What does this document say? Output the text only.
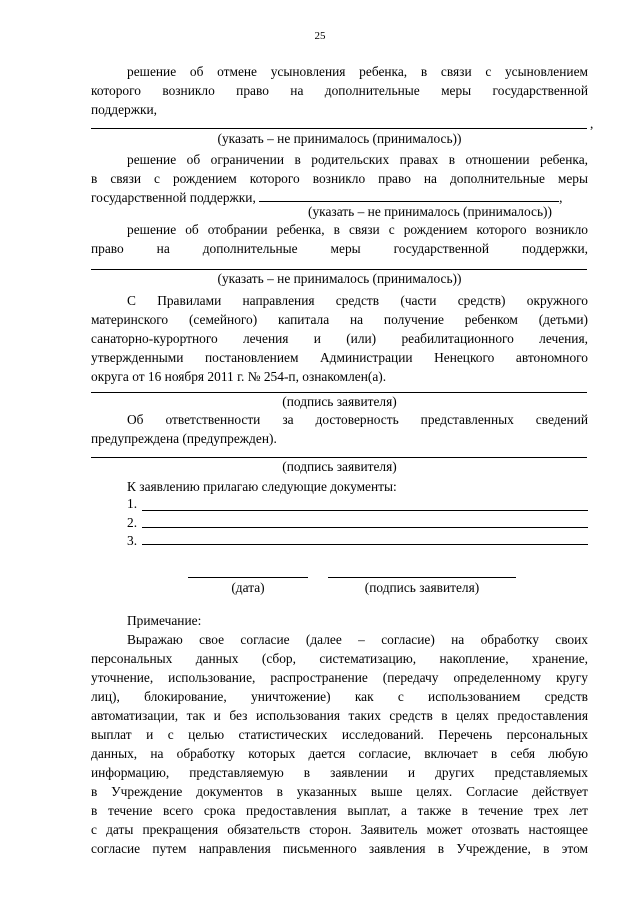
25
решение об отмене усыновления ребенка, в связи с усыновлением
которого возникло право на дополнительные меры государственной
поддержки,
,
(указать – не принималось (принималось))
решение об ограничении в родительских правах в отношении ребенка,
в связи с рождением которого возникло право на дополнительные меры
государственной поддержки,	,
(указать – не принималось (принималось))
решение об отобрании ребенка, в связи с рождением которого возникло
право на дополнительные меры государственной поддержки,
(указать – не принималось (принималось))
С Правилами направления средств (части средств) окружного
материнского (семейного) капитала на получение ребенком (детьми)
санаторно-курортного лечения и (или) реабилитационного лечения,
утвержденными постановлением Администрации Ненецкого автономного
округа от 16 ноября 2011 г. № 254-п, ознакомлен(а).
(подпись заявителя)
Об ответственности за достоверность представленных сведений
предупреждена (предупрежден).
(подпись заявителя)
К заявлению прилагаю следующие документы:
1.
2.
3.
(дата)	(подпись заявителя)
Примечание:
Выражаю свое согласие (далее – согласие) на обработку своих
персональных данных (сбор, систематизацию, накопление, хранение,
уточнение, использование, распространение (передачу определенному кругу
лиц), блокирование, уничтожение) как с использованием средств
автоматизации, так и без использования таких средств в целях предоставления
выплат и с целью статистических исследований. Перечень персональных
данных, на обработку которых дается согласие, включает в себя любую
информацию, представляемую в заявлении и других представляемых
в Учреждение документов в указанных выше целях. Согласие действует
в течение всего срока предоставления выплат, а также в течение трех лет
с даты прекращения обязательств сторон. Заявитель может отозвать настоящее
согласие путем направления письменного заявления в Учреждение, в этом
